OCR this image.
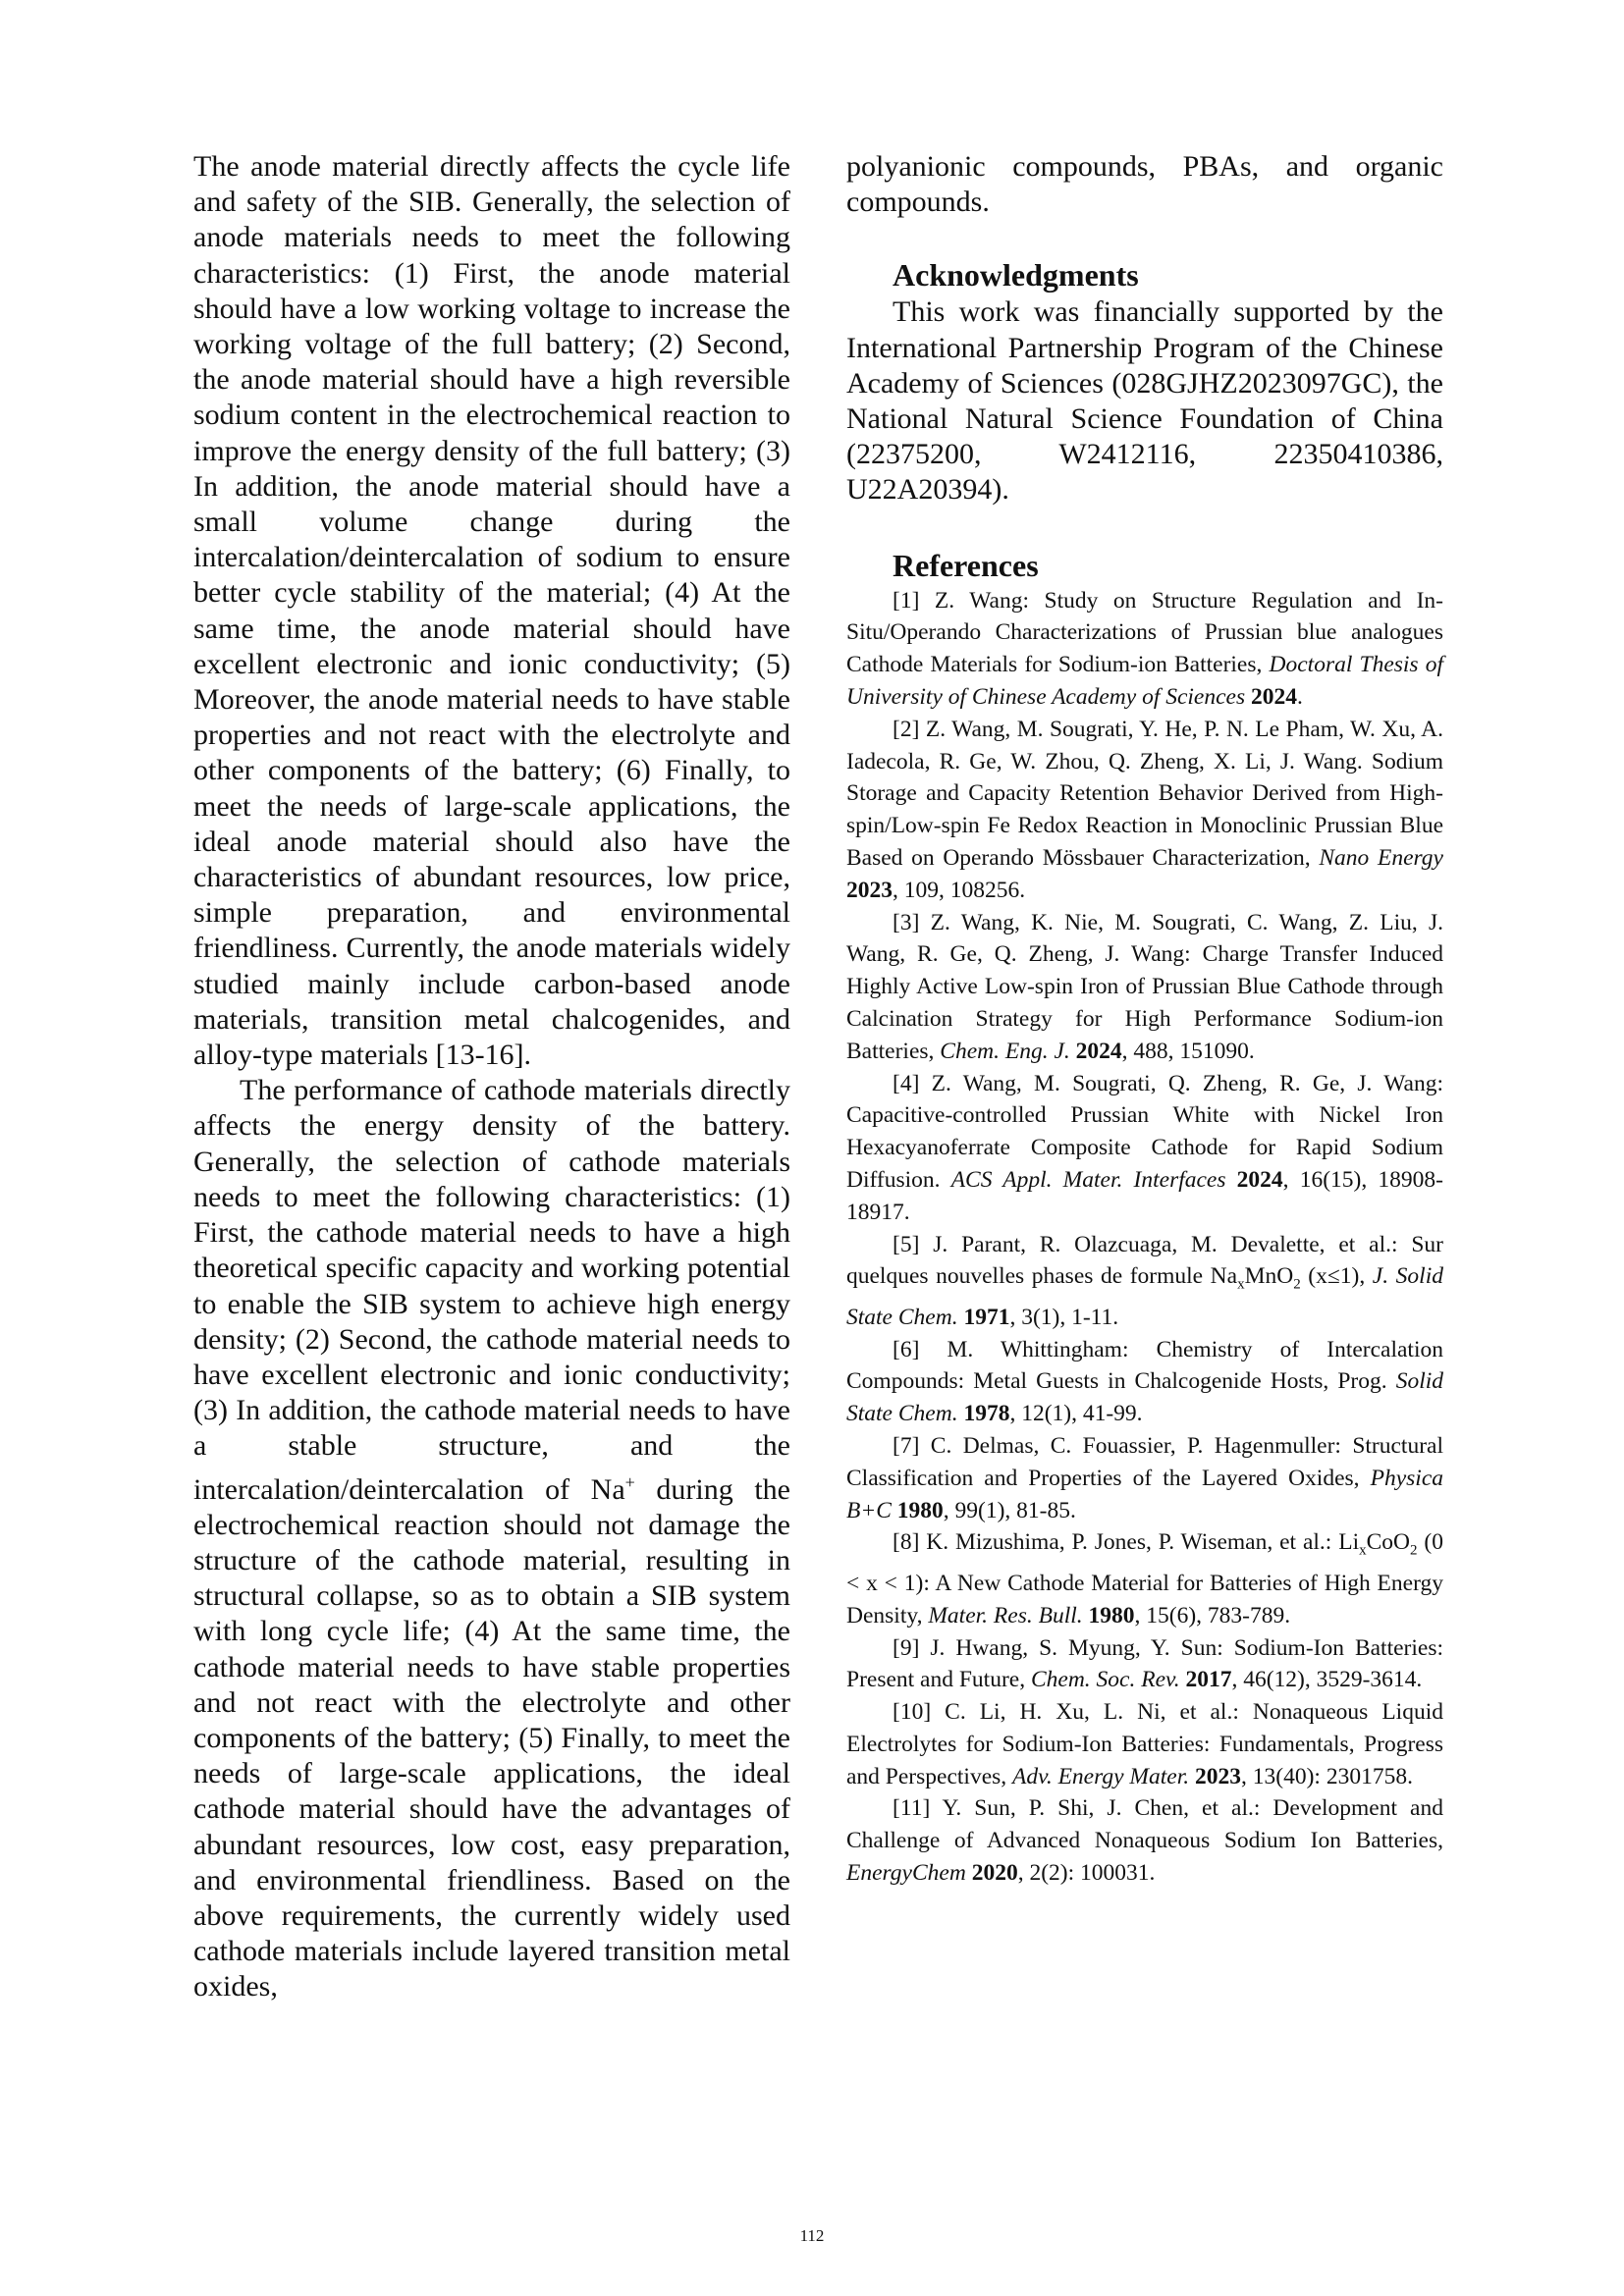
The anode material directly affects the cycle life and safety of the SIB. Generally, the selection of anode materials needs to meet the following characteristics: (1) First, the anode material should have a low working voltage to increase the working voltage of the full battery; (2) Second, the anode material should have a high reversible sodium content in the electrochemical reaction to improve the energy density of the full battery; (3) In addition, the anode material should have a small volume change during the intercalation/deintercalation of sodium to ensure better cycle stability of the material; (4) At the same time, the anode material should have excellent electronic and ionic conductivity; (5) Moreover, the anode material needs to have stable properties and not react with the electrolyte and other components of the battery; (6) Finally, to meet the needs of large-scale applications, the ideal anode material should also have the characteristics of abundant resources, low price, simple preparation, and environmental friendliness. Currently, the anode materials widely studied mainly include carbon-based anode materials, transition metal chalcogenides, and alloy-type materials [13-16].

The performance of cathode materials directly affects the energy density of the battery. Generally, the selection of cathode materials needs to meet the following characteristics: (1) First, the cathode material needs to have a high theoretical specific capacity and working potential to enable the SIB system to achieve high energy density; (2) Second, the cathode material needs to have excellent electronic and ionic conductivity; (3) In addition, the cathode material needs to have a stable structure, and the intercalation/deintercalation of Na+ during the electrochemical reaction should not damage the structure of the cathode material, resulting in structural collapse, so as to obtain a SIB system with long cycle life; (4) At the same time, the cathode material needs to have stable properties and not react with the electrolyte and other components of the battery; (5) Finally, to meet the needs of large-scale applications, the ideal cathode material should have the advantages of abundant resources, low cost, easy preparation, and environmental friendliness. Based on the above requirements, the currently widely used cathode materials include layered transition metal oxides,

polyanionic compounds, PBAs, and organic compounds.

Acknowledgments

This work was financially supported by the International Partnership Program of the Chinese Academy of Sciences (028GJHZ2023097GC), the National Natural Science Foundation of China (22375200, W2412116, 22350410386, U22A20394).

References

[1] Z. Wang: Study on Structure Regulation and In-Situ/Operando Characterizations of Prussian blue analogues Cathode Materials for Sodium-ion Batteries, Doctoral Thesis of University of Chinese Academy of Sciences 2024.

[2] Z. Wang, M. Sougrati, Y. He, P. N. Le Pham, W. Xu, A. Iadecola, R. Ge, W. Zhou, Q. Zheng, X. Li, J. Wang. Sodium Storage and Capacity Retention Behavior Derived from High-spin/Low-spin Fe Redox Reaction in Monoclinic Prussian Blue Based on Operando Mössbauer Characterization, Nano Energy 2023, 109, 108256.

[3] Z. Wang, K. Nie, M. Sougrati, C. Wang, Z. Liu, J. Wang, R. Ge, Q. Zheng, J. Wang: Charge Transfer Induced Highly Active Low-spin Iron of Prussian Blue Cathode through Calcination Strategy for High Performance Sodium-ion Batteries, Chem. Eng. J. 2024, 488, 151090.

[4] Z. Wang, M. Sougrati, Q. Zheng, R. Ge, J. Wang: Capacitive-controlled Prussian White with Nickel Iron Hexacyanoferrate Composite Cathode for Rapid Sodium Diffusion. ACS Appl. Mater. Interfaces 2024, 16(15), 18908-18917.

[5] J. Parant, R. Olazcuaga, M. Devalette, et al.: Sur quelques nouvelles phases de formule $Na_xMnO_2$ (x≤1), J. Solid State Chem. 1971, 3(1), 1-11.

[6] M. Whittingham: Chemistry of Intercalation Compounds: Metal Guests in Chalcogenide Hosts, Prog. Solid State Chem. 1978, 12(1), 41-99.

[7] C. Delmas, C. Fouassier, P. Hagenmuller: Structural Classification and Properties of the Layered Oxides, Physica B+C 1980, 99(1), 81-85.

[8] K. Mizushima, P. Jones, P. Wiseman, et al.: $Li_xCoO_2$ (0 < x < 1): A New Cathode Material for Batteries of High Energy Density, Mater. Res. Bull. 1980, 15(6), 783-789.

[9] J. Hwang, S. Myung, Y. Sun: Sodium-Ion Batteries: Present and Future, Chem. Soc. Rev. 2017, 46(12), 3529-3614.

[10] C. Li, H. Xu, L. Ni, et al.: Nonaqueous Liquid Electrolytes for Sodium-Ion Batteries: Fundamentals, Progress and Perspectives, Adv. Energy Mater. 2023, 13(40): 2301758.

[11] Y. Sun, P. Shi, J. Chen, et al.: Development and Challenge of Advanced Nonaqueous Sodium Ion Batteries, EnergyChem 2020, 2(2): 100031.

112
